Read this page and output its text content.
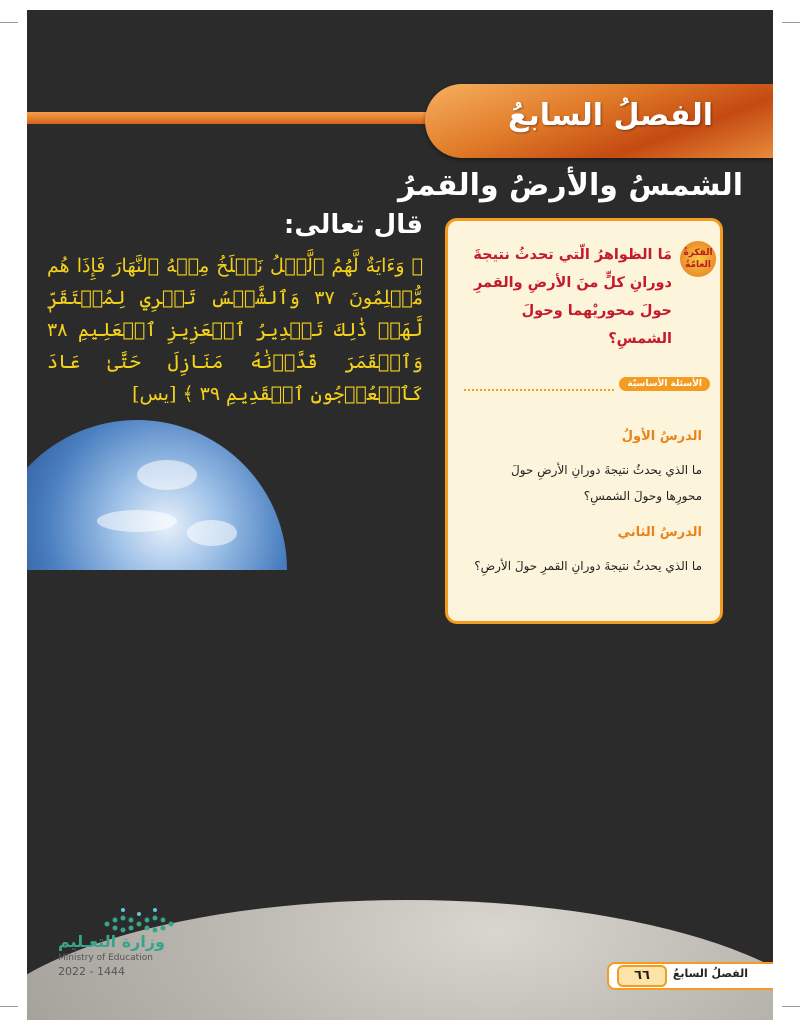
الفصلُ السابعُ
الشمسُ والأرضُ والقمرُ
قال تعالى:
﴿ وَءَايَةٌ لَّهُمُ ٱلَّيۡلُ نَسۡلَخُ مِنۡهُ ٱلنَّهَارَ فَإِذَا هُم مُّظۡلِمُونَ ٣٧ وَٱلشَّمۡسُ تَجۡرِي لِمُسۡتَقَرّٖ لَّهَاۚ ذَٰلِكَ تَقۡدِيرُ ٱلۡعَزِيزِ ٱلۡعَلِيمِ ٣٨ وَٱلۡقَمَرَ قَدَّرۡنَٰهُ مَنَازِلَ حَتَّىٰ عَادَ كَٱلۡعُرۡجُونِ ٱلۡقَدِيمِ ٣٩ ﴾ [يس]
الفكرةُ العامّةُ
مَا الظواهرُ الّتي تحدثُ نتيجةَ دورانِ كلٍّ منَ الأرضِ والقمرِ حولَ محوريْهما وحولَ الشمسِ؟
الأسئلة الأساسيّة
الدرسُ الأولُ
ما الذي يحدثُ نتيجةَ دورانِ الأرضِ حولَ محورِها وحولَ الشمسِ؟
الدرسُ الثاني
ما الذي يحدثُ نتيجةَ دورانِ القمرِ حولَ الأرضِ؟
٦٦	الفصلُ السابعُ
وزارة التعـليم
Ministry of Education
2022 - 1444
